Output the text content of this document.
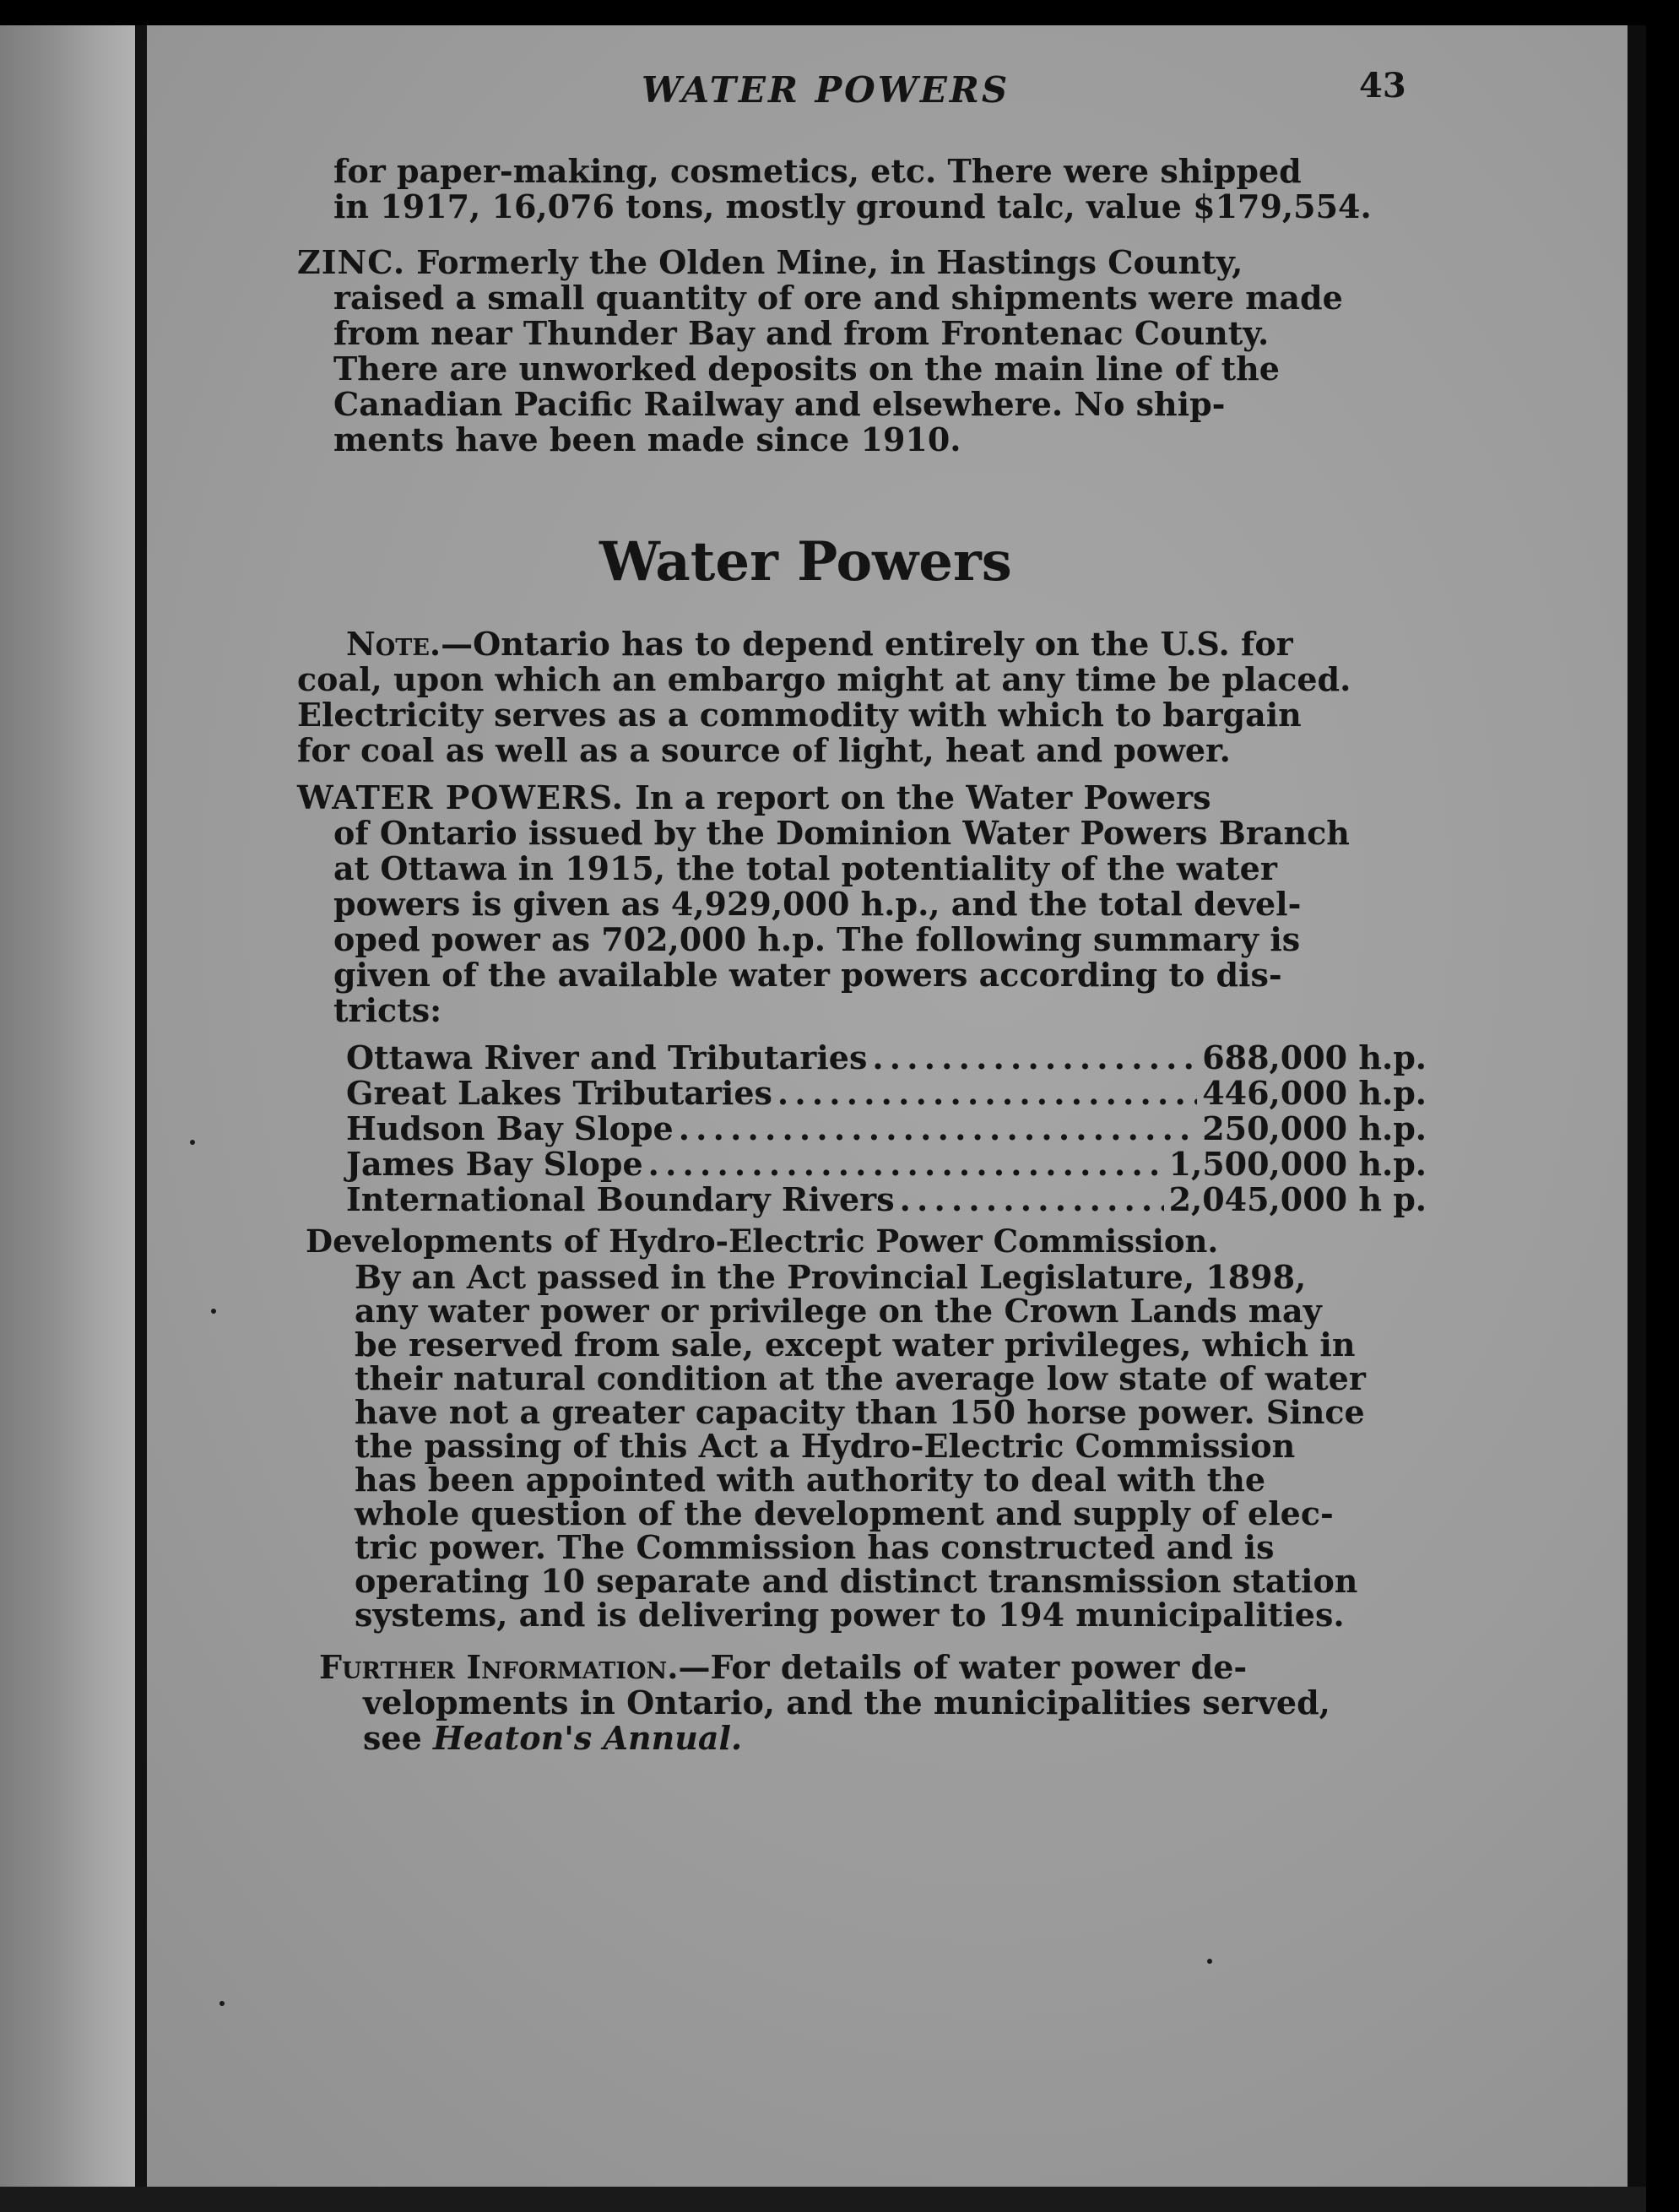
WATER POWERS	43
for paper-making, cosmetics, etc. There were shipped
in 1917, 16,076 tons, mostly ground talc, value $179,554.
ZINC. Formerly the Olden Mine, in Hastings County,
raised a small quantity of ore and shipments were made
from near Thunder Bay and from Frontenac County.
There are unworked deposits on the main line of the
Canadian Pacific Railway and elsewhere. No ship-
ments have been made since 1910.
Water Powers
Note.—Ontario has to depend entirely on the U.S. for
coal, upon which an embargo might at any time be placed.
Electricity serves as a commodity with which to bargain
for coal as well as a source of light, heat and power.
WATER POWERS. In a report on the Water Powers
of Ontario issued by the Dominion Water Powers Branch
at Ottawa in 1915, the total potentiality of the water
powers is given as 4,929,000 h.p., and the total devel-
oped power as 702,000 h.p. The following summary is
given of the available water powers according to dis-
tricts:
Ottawa River and Tributaries . . .	688,000 h.p.
Great Lakes Tributaries . . .	446,000 h.p.
Hudson Bay Slope . . .	250,000 h.p.
James Bay Slope . . .	1,500,000 h.p.
International Boundary Rivers . . .	2,045,000 h p.
Developments of Hydro-Electric Power Commission.
By an Act passed in the Provincial Legislature, 1898,
any water power or privilege on the Crown Lands may
be reserved from sale, except water privileges, which in
their natural condition at the average low state of water
have not a greater capacity than 150 horse power. Since
the passing of this Act a Hydro-Electric Commission
has been appointed with authority to deal with the
whole question of the development and supply of elec-
tric power. The Commission has constructed and is
operating 10 separate and distinct transmission station
systems, and is delivering power to 194 municipalities.
Further Information.—For details of water power de-
velopments in Ontario, and the municipalities served,
see Heaton's Annual.
